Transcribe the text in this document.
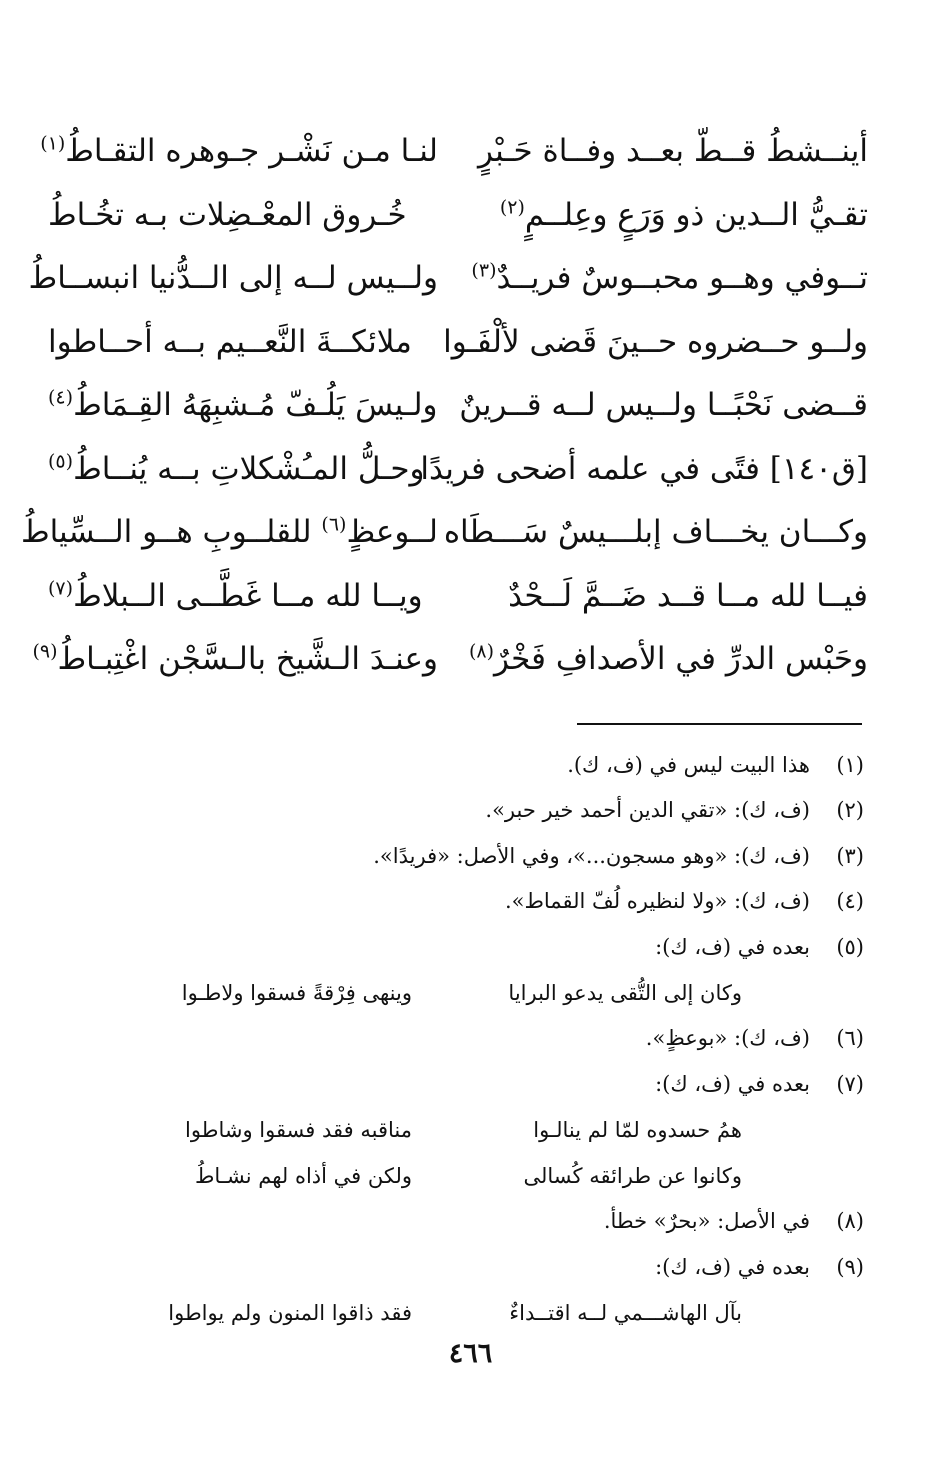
أينــشطُ قــطّ بعــد وفــاة حَـبْرٍ
لنـا مـن نَشْـر جـوهره التقـاطُ$^{(١)}$
تقـيُّ الــدين ذو وَرَعٍ وعِلــمٍ$^{(٢)}$
خُـروق المعْـضِلات بـه تخُـاطُ
تــوفي وهــو محبــوسٌ فريــدٌ$^{(٣)}$
ولــيس لــه إلى الــدُّنيا انبســاطُ
ولــو حــضروه حــينَ قَضى لألْفَـوا
ملائكــةَ النَّعــيم بــه أحــاطوا
قــضى نَحْبًــا ولــيس لــه قــرينٌ
ولـيسَ يَلُـفّ مُـشبِهَهُ القِـمَاطُ$^{(٤)}$
[ق١٤٠] فتًى في علمه أضحى فريدًا
وحـلُّ المـُشْكلاتِ بــه يُنــاطُ$^{(٥)}$
وكـــان يخـــاف إبلـــيسٌ سَـــطَاه
لــوعظٍ$^{(٦)}$ للقلــوبِ هــو الــسِّياطُ
فيــا لله مــا قــد ضَــمَّ لَــحْدٌ
ويــا لله مــا غَطَّــى الــبلاطُ$^{(٧)}$
وحَبْس الدرِّ في الأصدافِ فَخْرٌ$^{(٨)}$
وعنـدَ الـشَّيخ بالـسَّجْن اغْتِبـاطُ$^{(٩)}$
(١)
هذا البيت ليس في (ف، ك).
(٢)
(ف، ك): «تقي الدين أحمد خير حبر».
(٣)
(ف، ك): «وهو مسجون...»، وفي الأصل: «فريدًا».
(٤)
(ف، ك): «ولا لنظيره لُفّ القماط».
(٥)
بعده في (ف، ك):
وكان إلى التُّقى يدعو البرايا
وينهى فِرْقةً فسقوا ولاطـوا
(٦)
(ف، ك): «بوعظٍ».
(٧)
بعده في (ف، ك):
همُ حسدوه لمّا لم ينالـوا
مناقبه فقد فسقوا وشاطوا
وكانوا عن طرائقه كُسالى
ولكن في أذاه لهم نشـاطُ
(٨)
في الأصل: «بحرٌ» خطأ.
(٩)
بعده في (ف، ك):
بآل الهاشـــمي لــه اقتــداءٌ
فقد ذاقوا المنون ولم يواطوا
٤٦٦
